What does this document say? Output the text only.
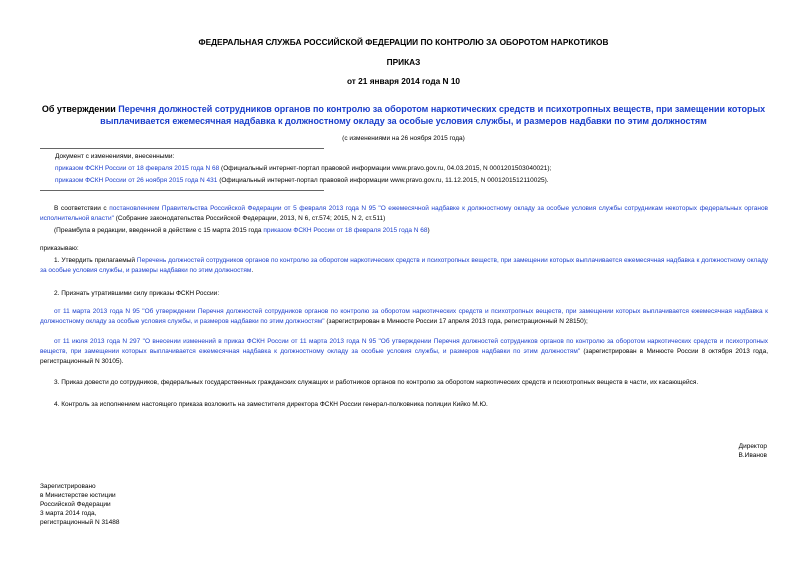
ФЕДЕРАЛЬНАЯ СЛУЖБА РОССИЙСКОЙ ФЕДЕРАЦИИ ПО КОНТРОЛЮ ЗА ОБОРОТОМ НАРКОТИКОВ
ПРИКАЗ
от 21 января 2014 года N 10
Об утверждении Перечня должностей сотрудников органов по контролю за оборотом наркотических средств и психотропных веществ, при замещении которых выплачивается ежемесячная надбавка к должностному окладу за особые условия службы, и размеров надбавки по этим должностям
(с изменениями на 26 ноября 2015 года)
Документ с изменениями, внесенными:
приказом ФСКН России от 18 февраля 2015 года N 68 (Официальный интернет-портал правовой информации www.pravo.gov.ru, 04.03.2015, N 0001201503040021);
приказом ФСКН России от 26 ноября 2015 года N 431 (Официальный интернет-портал правовой информации www.pravo.gov.ru, 11.12.2015, N 0001201512110025).
В соответствии с постановлением Правительства Российской Федерации от 5 февраля 2013 года N 95 "О ежемесячной надбавке к должностному окладу за особые условия службы сотрудникам некоторых федеральных органов исполнительной власти" (Собрание законодательства Российской Федерации, 2013, N 6, ст.574; 2015, N 2, ст.511)
(Преамбула в редакции, введенной в действие с 15 марта 2015 года приказом ФСКН России от 18 февраля 2015 года N 68)
приказываю:
1. Утвердить прилагаемый Перечень должностей сотрудников органов по контролю за оборотом наркотических средств и психотропных веществ, при замещении которых выплачивается ежемесячная надбавка к должностному окладу за особые условия службы, и размеры надбавки по этим должностям.
2. Признать утратившими силу приказы ФСКН России:
от 11 марта 2013 года N 95 "Об утверждении Перечня должностей сотрудников органов по контролю за оборотом наркотических средств и психотропных веществ, при замещении которых выплачивается ежемесячная надбавка к должностному окладу за особые условия службы, и размеров надбавки по этим должностям" (зарегистрирован в Минюсте России 17 апреля 2013 года, регистрационный N 28150);
от 11 июля 2013 года N 297 "О внесении изменений в приказ ФСКН России от 11 марта 2013 года N 95 "Об утверждении Перечня должностей сотрудников органов по контролю за оборотом наркотических средств и психотропных веществ, при замещении которых выплачивается ежемесячная надбавка к должностному окладу за особые условия службы, и размеров надбавки по этим должностям" (зарегистрирован в Минюсте России 8 октября 2013 года, регистрационный N 30105).
3. Приказ довести до сотрудников, федеральных государственных гражданских служащих и работников органов по контролю за оборотом наркотических средств и психотропных веществ в части, их касающейся.
4. Контроль за исполнением настоящего приказа возложить на заместителя директора ФСКН России генерал-полковника полиции Кийко М.Ю.
Директор
В.Иванов
Зарегистрировано
в Министерстве юстиции
Российской Федерации
3 марта 2014 года,
регистрационный N 31488
